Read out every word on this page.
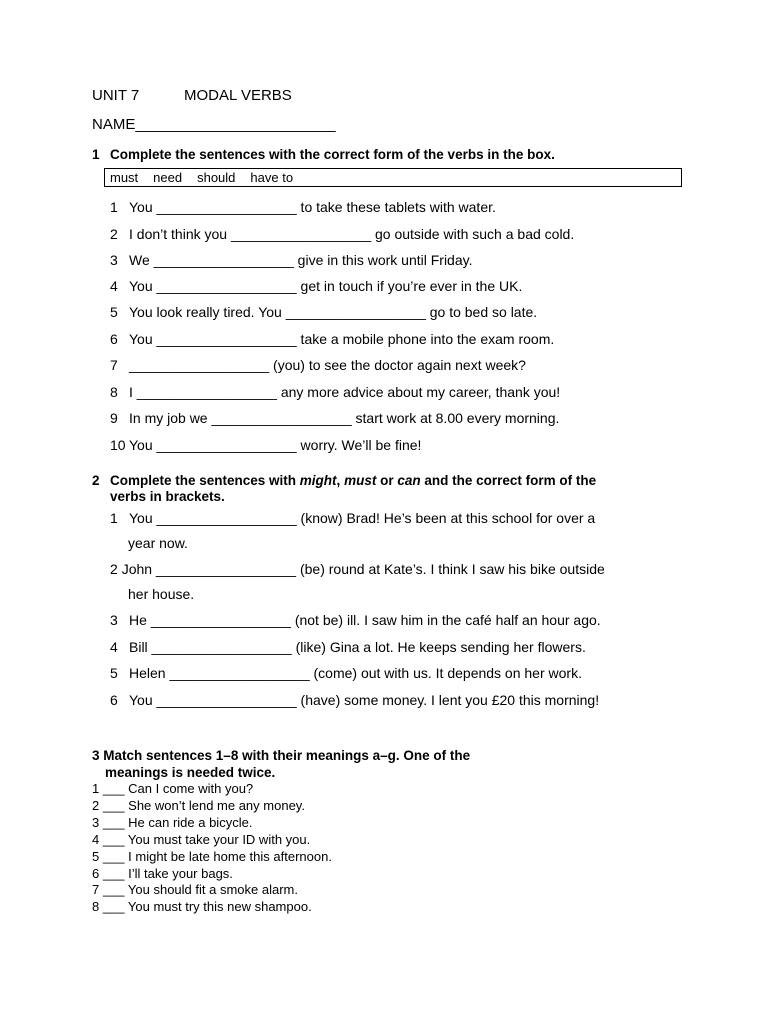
UNIT 7	MODAL VERBS
NAME________________________
1 Complete the sentences with the correct form of the verbs in the box.
must need should have to
1 You __________________ to take these tablets with water.
2 I don’t think you __________________ go outside with such a bad cold.
3 We __________________ give in this work until Friday.
4 You __________________ get in touch if you’re ever in the UK.
5 You look really tired. You __________________ go to bed so late.
6 You __________________ take a mobile phone into the exam room.
7 __________________ (you) to see the doctor again next week?
8 I __________________ any more advice about my career, thank you!
9 In my job we __________________ start work at 8.00 every morning.
10 You __________________ worry. We’ll be fine!
2 Complete the sentences with might, must or can and the correct form of the
verbs in brackets.
1 You __________________ (know) Brad! He’s been at this school for over a
year now.
2 John __________________ (be) round at Kate’s. I think I saw his bike outside
her house.
3 He __________________ (not be) ill. I saw him in the café half an hour ago.
4 Bill __________________ (like) Gina a lot. He keeps sending her flowers.
5 Helen __________________ (come) out with us. It depends on her work.
6 You __________________ (have) some money. I lent you £20 this morning!
3 Match sentences 1–8 with their meanings a–g. One of the
meanings is needed twice.
1 ___ Can I come with you?
2 ___ She won’t lend me any money.
3 ___ He can ride a bicycle.
4 ___ You must take your ID with you.
5 ___ I might be late home this afternoon.
6 ___ I’ll take your bags.
7 ___ You should fit a smoke alarm.
8 ___ You must try this new shampoo.
